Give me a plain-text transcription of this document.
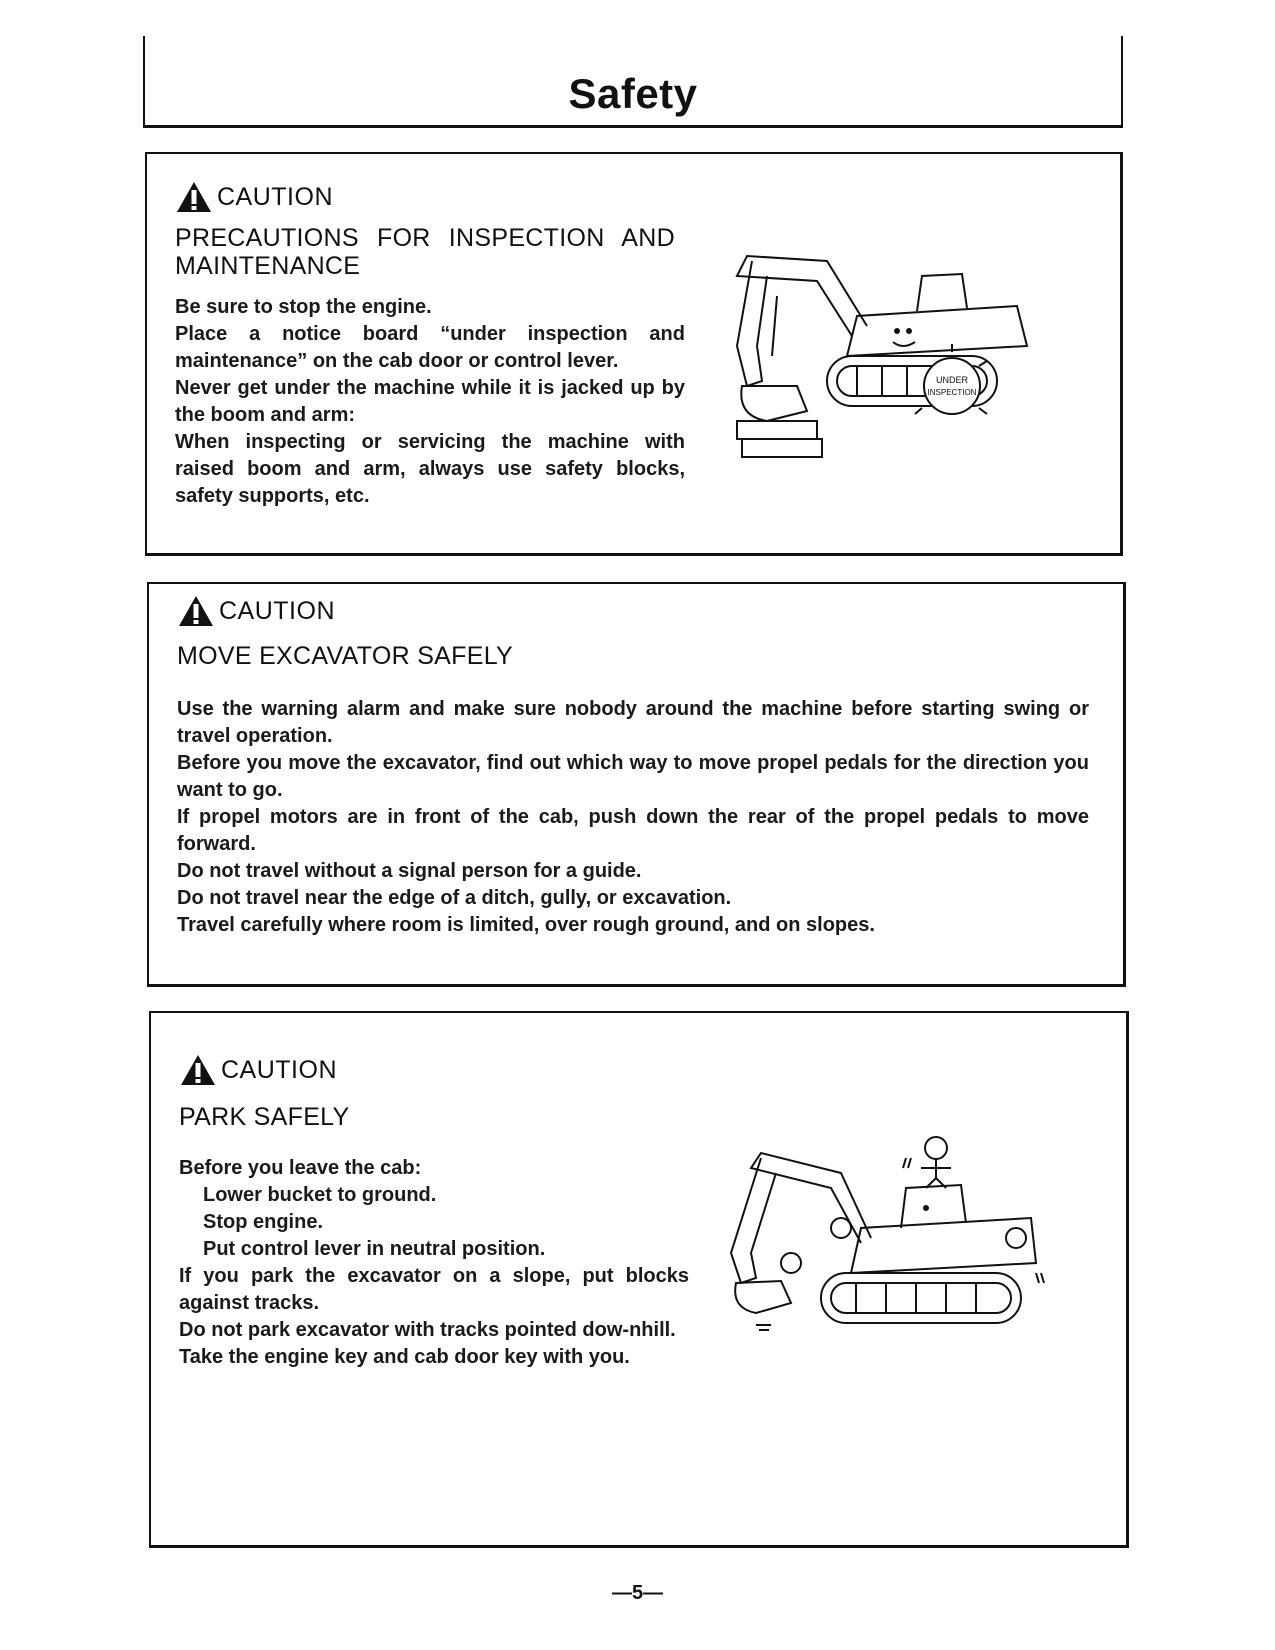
Safety
CAUTION
PRECAUTIONS FOR INSPECTION AND
MAINTENANCE

Be sure to stop the engine.

Place a notice board “under inspection and maintenance” on the cab door or control lever.

Never get under the machine while it is jacked up by the boom and arm:

When inspecting or servicing the machine with raised boom and arm, always use safety blocks, safety supports, etc.

UNDER
INSPECTION
CAUTION
MOVE EXCAVATOR SAFELY

Use the warning alarm and make sure nobody around the machine before starting swing or travel operation.

Before you move the excavator, find out which way to move propel pedals for the direction you want to go.

If propel motors are in front of the cab, push down the rear of the propel pedals to move forward.

Do not travel without a signal person for a guide.

Do not travel near the edge of a ditch, gully, or excavation.

Travel carefully where room is limited, over rough ground, and on slopes.

CAUTION
PARK SAFELY

Before you leave the cab:

Lower bucket to ground.

Stop engine.

Put control lever in neutral position.

If you park the excavator on a slope, put blocks against tracks.

Do not park excavator with tracks pointed dow-nhill.

Take the engine key and cab door key with you.

—5—
